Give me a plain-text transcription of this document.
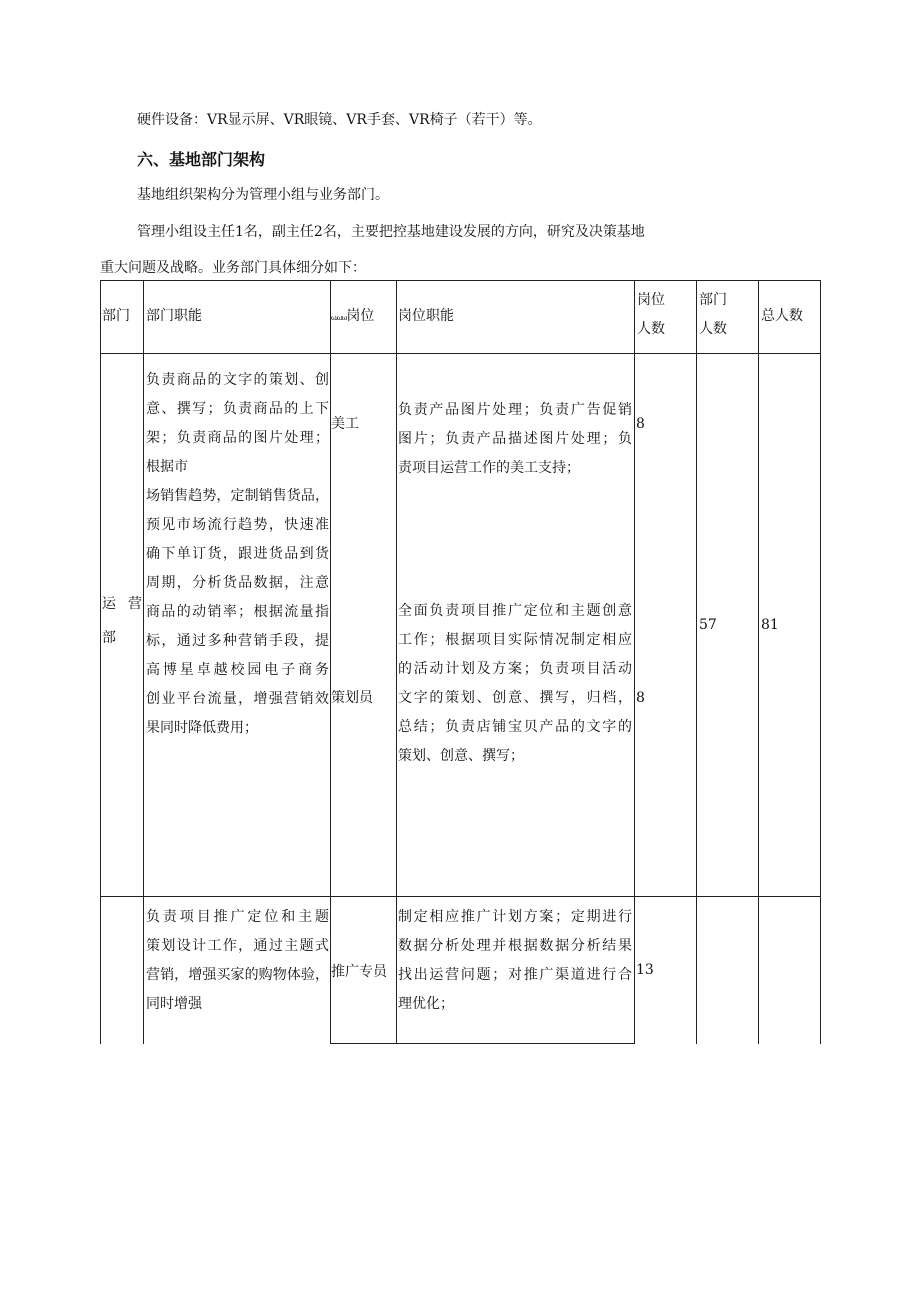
硬件设备：VR显示屏、VR眼镜、VR手套、VR椅子（若干）等。
六、基地部门架构
基地组织架构分为管理小组与业务部门。
管理小组设主任1名，副主任2名，主要把控基地建设发展的方向，研究及决策基地
重大问题及战略。业务部门具体细分如下：
部门 部门职能	ω.ωω岗位 岗位职能
岗位
人数
部门
人数
总人数
运 营
部
负责商品的文字的策划、创
意、撰写；负责商品的上下
架；负责商品的图片处理；
根据市
场销售趋势，定制销售货品，
预见市场流行趋势，快速准
确下单订货，跟进货品到货
周期，分析货品数据，注意
商品的动销率；根据流量指
标，通过多种营销手段，提
高博星卓越校园电子商务
创业平台流量，增强营销效
果同时降低费用；
美工
负责产品图片处理；负责广告促销
图片；负责产品描述图片处理；负
责项目运营工作的美工支持；
8
策划员
全面负责项目推广定位和主题创意
工作；根据项目实际情况制定相应
的活动计划及方案；负责项目活动
文字的策划、创意、撰写，归档，
总结；负责店铺宝贝产品的文字的
策划、创意、撰写；
8
57	81
负责项目推广定位和主题
策划设计工作，通过主题式
营销，增强买家的购物体验，
同时增强
推广专员
制定相应推广计划方案；定期进行
数据分析处理并根据数据分析结果
找出运营问题；对推广渠道进行合
理优化；
13
